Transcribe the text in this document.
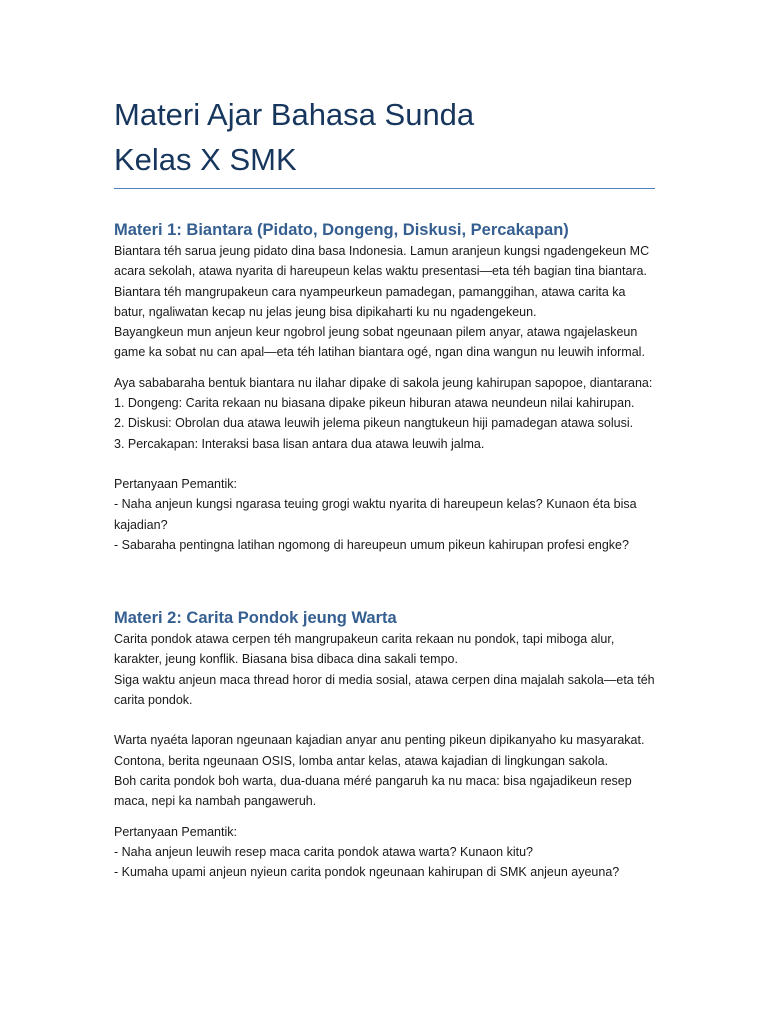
Materi Ajar Bahasa Sunda
Kelas X SMK
Materi 1: Biantara (Pidato, Dongeng, Diskusi, Percakapan)

Biantara téh sarua jeung pidato dina basa Indonesia. Lamun aranjeun kungsi ngadengekeun MC acara sekolah, atawa nyarita di hareupeun kelas waktu presentasi—eta téh bagian tina biantara.
Biantara téh mangrupakeun cara nyampeurkeun pamadegan, pamanggihan, atawa carita ka batur, ngaliwatan kecap nu jelas jeung bisa dipikaharti ku nu ngadengekeun.
Bayangkeun mun anjeun keur ngobrol jeung sobat ngeunaan pilem anyar, atawa ngajelaskeun game ka sobat nu can apal—eta téh latihan biantara ogé, ngan dina wangun nu leuwih informal.

Aya sababaraha bentuk biantara nu ilahar dipake di sakola jeung kahirupan sapopoe, diantarana:
1. Dongeng: Carita rekaan nu biasana dipake pikeun hiburan atawa neundeun nilai kahirupan.
2. Diskusi: Obrolan dua atawa leuwih jelema pikeun nangtukeun hiji pamadegan atawa solusi.
3. Percakapan: Interaksi basa lisan antara dua atawa leuwih jalma.

Pertanyaan Pemantik:
- Naha anjeun kungsi ngarasa teuing grogi waktu nyarita di hareupeun kelas? Kunaon éta bisa kajadian?
- Sabaraha pentingna latihan ngomong di hareupeun umum pikeun kahirupan profesi engke?

Materi 2: Carita Pondok jeung Warta

Carita pondok atawa cerpen téh mangrupakeun carita rekaan nu pondok, tapi miboga alur, karakter, jeung konflik. Biasana bisa dibaca dina sakali tempo.
Siga waktu anjeun maca thread horor di media sosial, atawa cerpen dina majalah sakola—eta téh carita pondok.

Warta nyaéta laporan ngeunaan kajadian anyar anu penting pikeun dipikanyaho ku masyarakat.
Contona, berita ngeunaan OSIS, lomba antar kelas, atawa kajadian di lingkungan sakola.
Boh carita pondok boh warta, dua-duana méré pangaruh ka nu maca: bisa ngajadikeun resep maca, nepi ka nambah pangaweruh.

Pertanyaan Pemantik:
- Naha anjeun leuwih resep maca carita pondok atawa warta? Kunaon kitu?
- Kumaha upami anjeun nyieun carita pondok ngeunaan kahirupan di SMK anjeun ayeuna?
